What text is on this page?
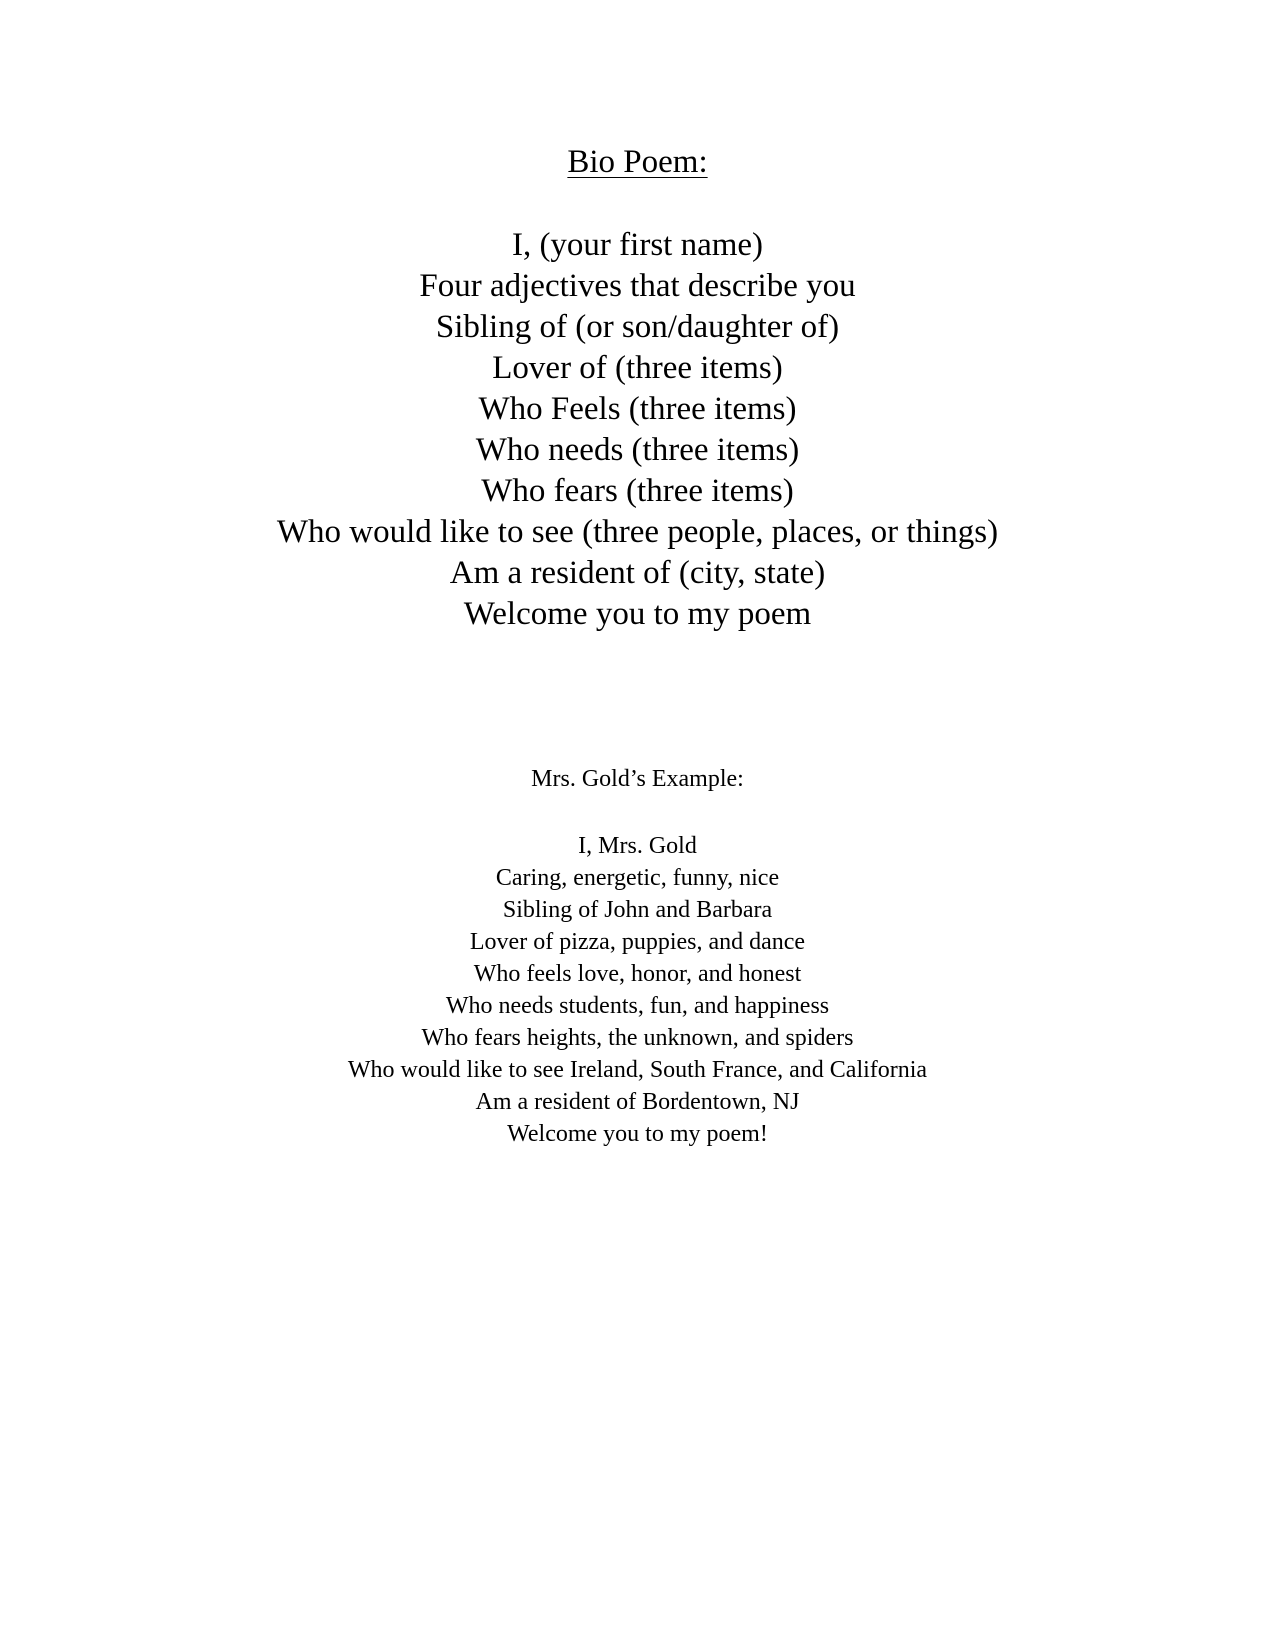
Bio Poem:
I, (your first name)
Four adjectives that describe you
Sibling of (or son/daughter of)
Lover of (three items)
Who Feels (three items)
Who needs (three items)
Who fears (three items)
Who would like to see (three people, places, or things)
Am a resident of (city, state)
Welcome you to my poem
Mrs. Gold’s Example:
I, Mrs. Gold
Caring, energetic, funny, nice
Sibling of John and Barbara
Lover of pizza, puppies, and dance
Who feels love, honor, and honest
Who needs students, fun, and happiness
Who fears heights, the unknown, and spiders
Who would like to see Ireland, South France, and California
Am a resident of Bordentown, NJ
Welcome you to my poem!
